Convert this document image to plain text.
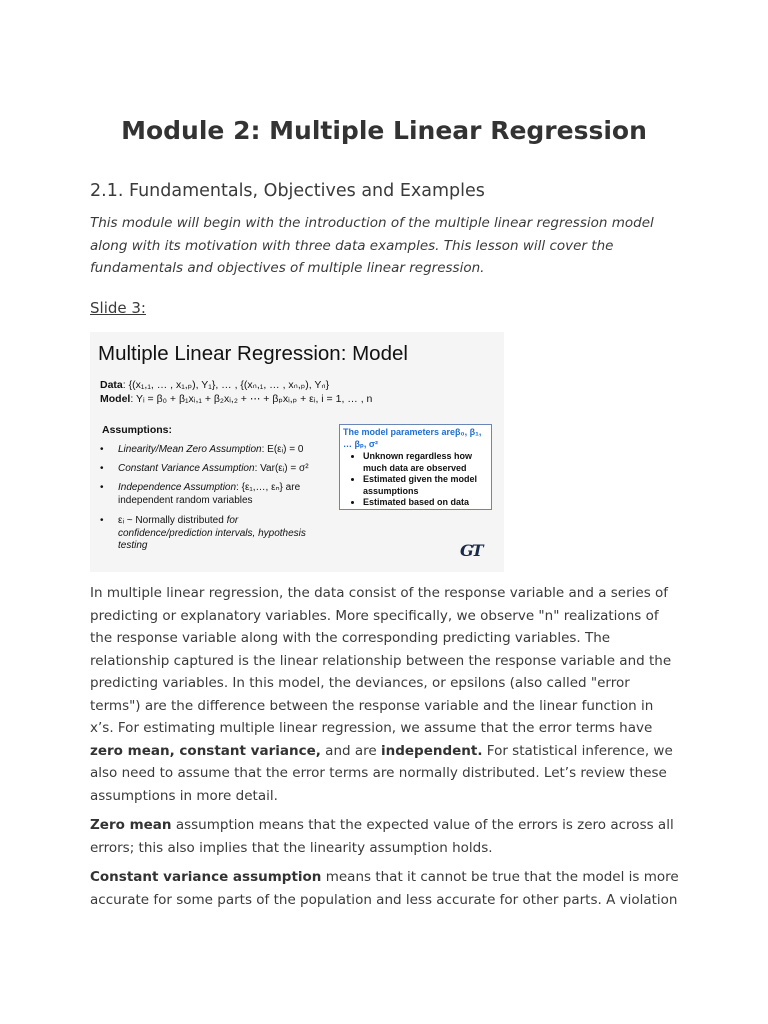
Module 2: Multiple Linear Regression
2.1. Fundamentals, Objectives and Examples

This module will begin with the introduction of the multiple linear regression model along with its motivation with three data examples. This lesson will cover the fundamentals and objectives of multiple linear regression.

Slide 3:

Multiple Linear Regression: Model
Data: {(x₁,₁, … , x₁,ₚ), Y₁}, … , {(xₙ,₁, … , xₙ,ₚ), Yₙ}
Model: Yᵢ = β₀ + β₁xᵢ,₁ + β₂xᵢ,₂ + ⋯ + βₚxᵢ,ₚ + εᵢ, i = 1, … , n
Assumptions:
• Linearity/Mean Zero Assumption: E(εᵢ) = 0
• Constant Variance Assumption: Var(εᵢ) = σ²
• Independence Assumption: {ε₁,…, εₙ} are independent random variables
• εᵢ ~ Normally distributed for confidence/prediction intervals, hypothesis testing
The model parameters areβ₀, β₁, … βₚ, σ²
• Unknown regardless how much data are observed
• Estimated given the model assumptions
• Estimated based on data
GT

In multiple linear regression, the data consist of the response variable and a series of predicting or explanatory variables. More specifically, we observe "n" realizations of the response variable along with the corresponding predicting variables. The relationship captured is the linear relationship between the response variable and the predicting variables. In this model, the deviances, or epsilons (also called "error terms") are the difference between the response variable and the linear function in x’s. For estimating multiple linear regression, we assume that the error terms have zero mean, constant variance, and are independent. For statistical inference, we also need to assume that the error terms are normally distributed. Let’s review these assumptions in more detail.

Zero mean assumption means that the expected value of the errors is zero across all errors; this also implies that the linearity assumption holds.

Constant variance assumption means that it cannot be true that the model is more accurate for some parts of the population and less accurate for other parts. A violation
